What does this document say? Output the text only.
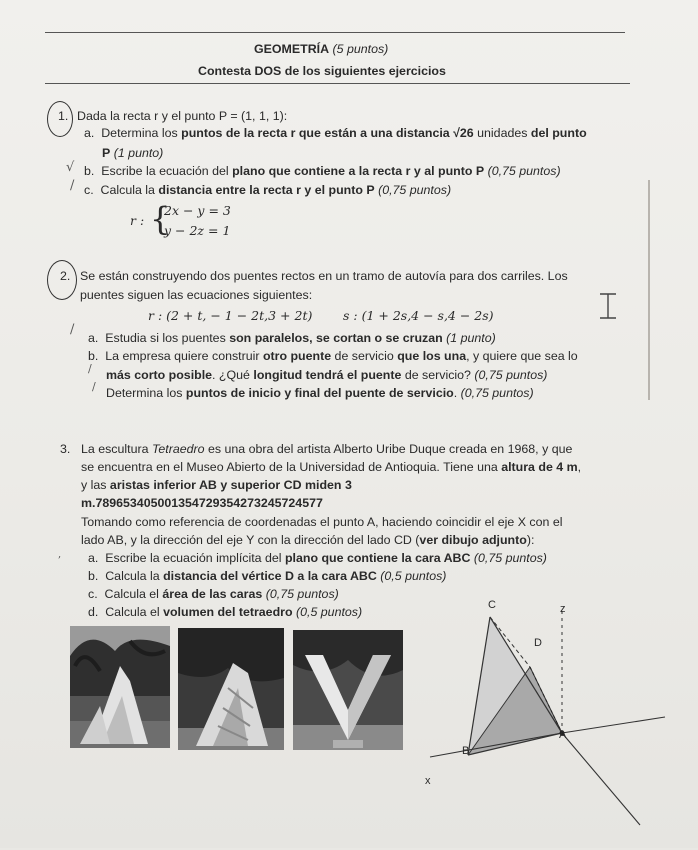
GEOMETRÍA (5 puntos)
Contesta DOS de los siguientes ejercicios
1. Dada la recta r y el punto P = (1, 1, 1):
a. Determina los puntos de la recta r que están a una distancia √26 unidades del punto
P (1 punto)
√ b. Escribe la ecuación del plano que contiene a la recta r y al punto P (0,75 puntos)
/ c. Calcula la distancia entre la recta r y el punto P (0,75 puntos)
r : {
2x − y = 3
y − 2z = 1
2. Se están construyendo dos puentes rectos en un tramo de autovía para dos carriles. Los
puentes siguen las ecuaciones siguientes:
r : (2 + t, − 1 − 2t,3 + 2t) s : (1 + 2s,4 − s,4 − 2s)
/
a. Estudia si los puentes son paralelos, se cortan o se cruzan (1 punto)
b. La empresa quiere construir otro puente de servicio que los una, y quiere que sea lo
/ más corto posible. ¿Qué longitud tendrá el puente de servicio? (0,75 puntos)
/ Determina los puntos de inicio y final del puente de servicio. (0,75 puntos)
3. La escultura Tetraedro es una obra del artista Alberto Uribe Duque creada en 1968, y que
se encuentra en el Museo Abierto de la Universidad de Antioquia. Tiene una altura de 4 m,
y las aristas inferior AB y superior CD miden 3
m.789653405001354729354273245724577
Tomando como referencia de coordenadas el punto A, haciendo coincidir el eje X con el
lado AB, y la dirección del eje Y con la dirección del lado CD (ver dibujo adjunto):
, a. Escribe la ecuación implícita del plano que contiene la cara ABC (0,75 puntos)
b. Calcula la distancia del vértice D a la cara ABC (0,5 puntos)
c. Calcula el área de las caras (0,75 puntos)
d. Calcula el volumen del tetraedro (0,5 puntos)	C
D
A
B
z
x
